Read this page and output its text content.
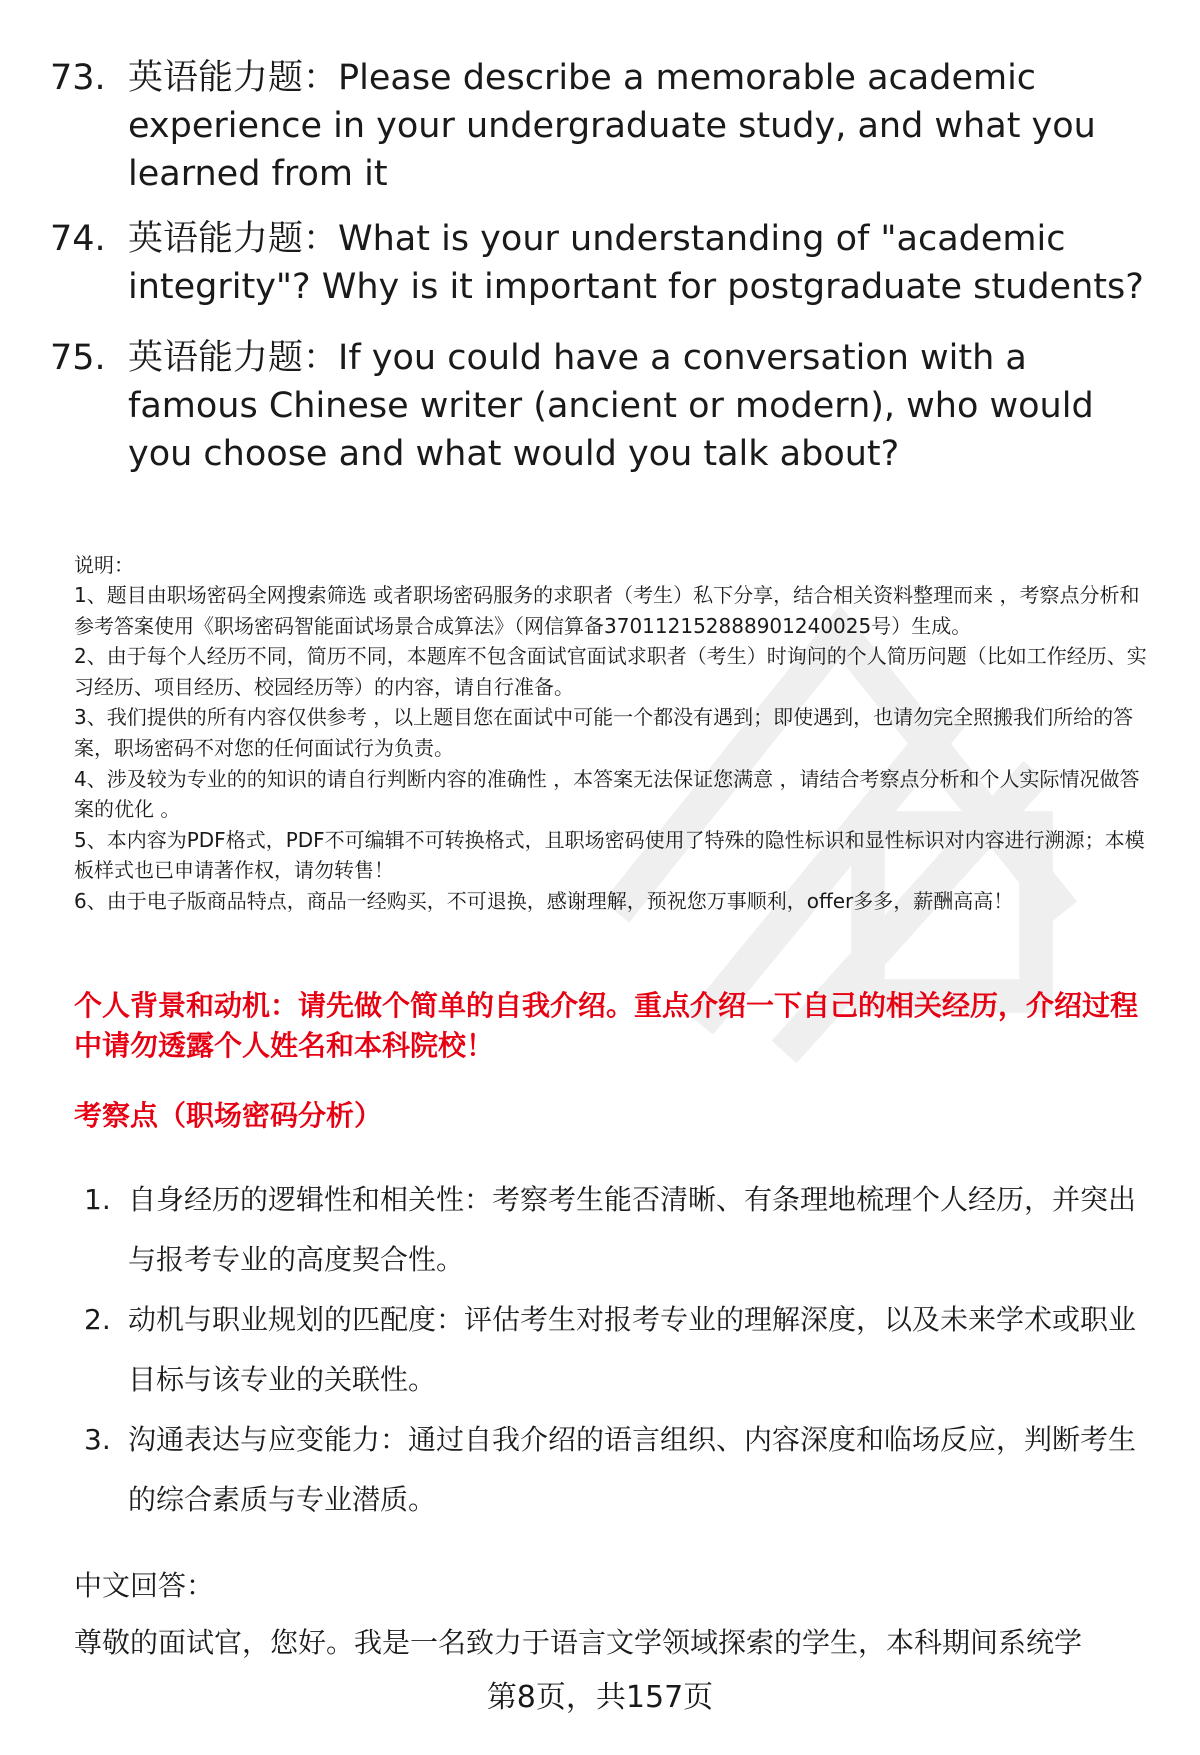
73. 英语能力题：Please describe a memorable academic experience in your undergraduate study, and what you learned from it
74. 英语能力题：What is your understanding of "academic integrity"? Why is it important for postgraduate students?
75. 英语能力题：If you could have a conversation with a famous Chinese writer (ancient or modern), who would you choose and what would you talk about?
说明：
1、题目由职场密码全网搜索筛选 或者职场密码服务的求职者（考生）私下分享，结合相关资料整理而来 ，考察点分析和参考答案使用《职场密码智能面试场景合成算法》（网信算备370112152888901240025号）生成。
2、由于每个人经历不同，简历不同，本题库不包含面试官面试求职者（考生）时询问的个人简历问题（比如工作经历、实习经历、项目经历、校园经历等）的内容，请自行准备。
3、我们提供的所有内容仅供参考 ，以上题目您在面试中可能一个都没有遇到；即使遇到，也请勿完全照搬我们所给的答案，职场密码不对您的任何面试行为负责。
4、涉及较为专业的的知识的请自行判断内容的准确性 ，本答案无法保证您满意 ，请结合考察点分析和个人实际情况做答案的优化 。
5、本内容为PDF格式，PDF不可编辑不可转换格式，且职场密码使用了特殊的隐性标识和显性标识对内容进行溯源；本模板样式也已申请著作权，请勿转售！
6、由于电子版商品特点，商品一经购买，不可退换，感谢理解，预祝您万事顺利，offer多多，薪酬高高！
个人背景和动机：请先做个简单的自我介绍。重点介绍一下自己的相关经历，介绍过程中请勿透露个人姓名和本科院校！
考察点（职场密码分析）
1. 自身经历的逻辑性和相关性：考察考生能否清晰、有条理地梳理个人经历，并突出与报考专业的高度契合性。
2. 动机与职业规划的匹配度：评估考生对报考专业的理解深度，以及未来学术或职业目标与该专业的关联性。
3. 沟通表达与应变能力：通过自我介绍的语言组织、内容深度和临场反应，判断考生的综合素质与专业潜质。
中文回答：
尊敬的面试官，您好。我是一名致力于语言文学领域探索的学生，本科期间系统学
第8页，共157页
